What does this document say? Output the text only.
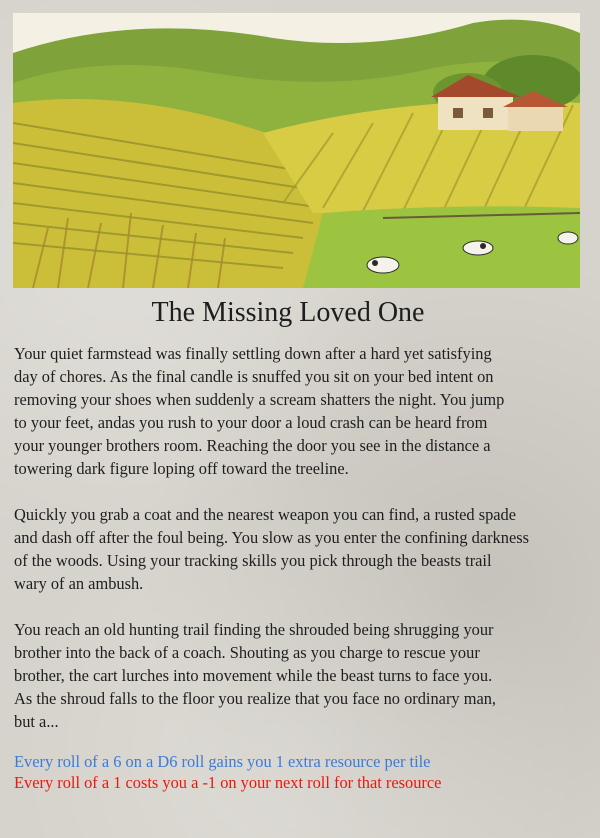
The Missing Loved One

Your quiet farmstead was finally settling down after a hard yet satisfying
day of chores. As the final candle is snuffed you sit on your bed intent on
removing your shoes when suddenly a scream shatters the night. You jump
to your feet, andas you rush to your door a loud crash can be heard from
your younger brothers room. Reaching the door you see in the distance a
towering dark figure loping off toward the treeline.

Quickly you grab a coat and the nearest weapon you can find, a rusted spade
and dash off after the foul being. You slow as you enter the confining darkness
of the woods. Using your tracking skills you pick through the beasts trail
wary of an ambush.

You reach an old hunting trail finding the shrouded being shrugging your
brother into the back of a coach. Shouting as you charge to rescue your
brother, the cart lurches into movement while the beast turns to face you.
As the shroud falls to the floor you realize that you face no ordinary man,
but a...

Every roll of a 6 on a D6 roll gains you 1 extra resource per tile
Every roll of a 1 costs you a -1 on your next roll for that resource
